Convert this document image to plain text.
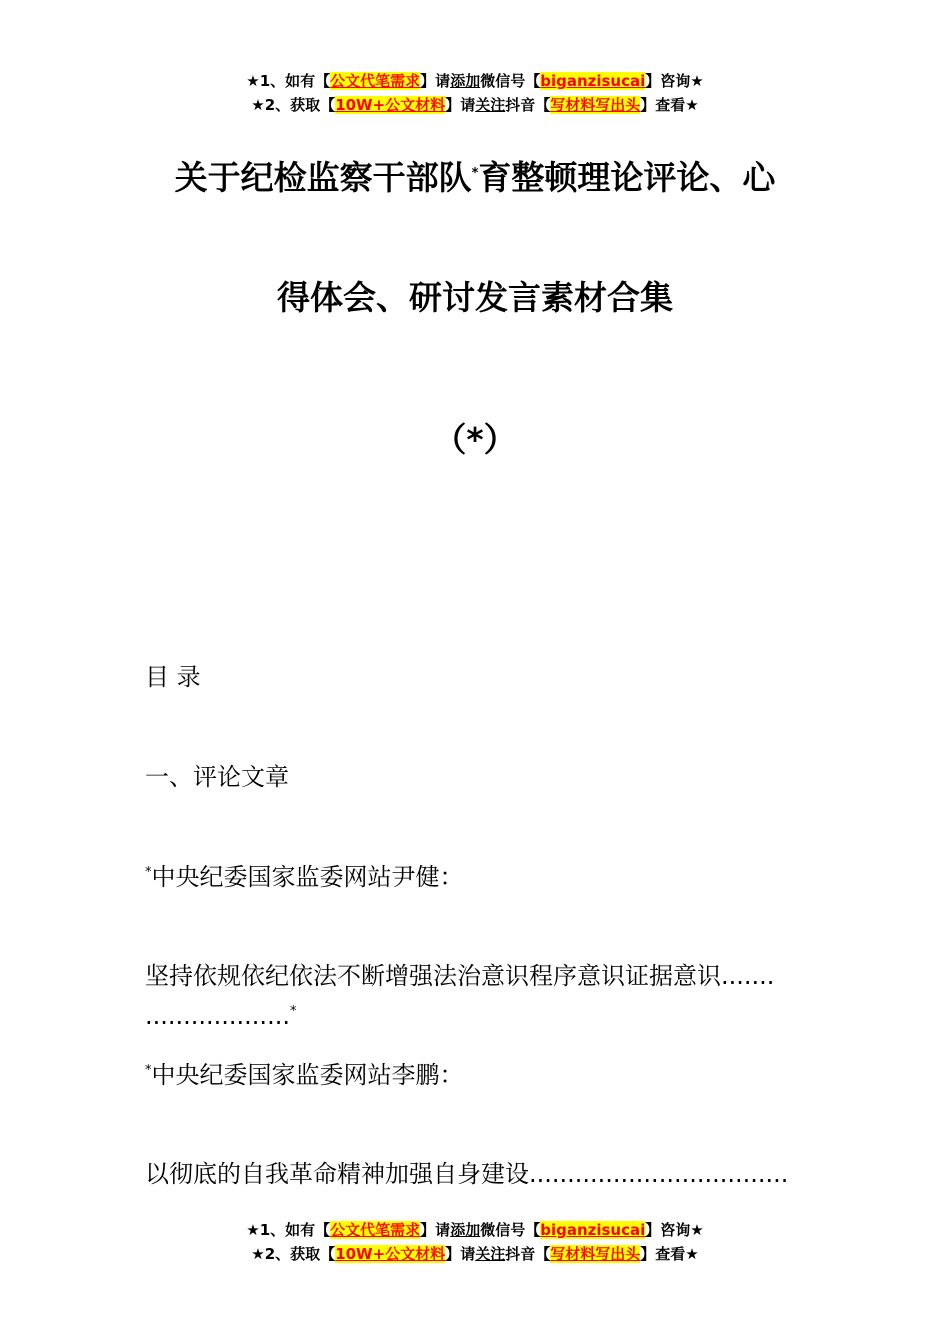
★1、如有【公文代笔需求】请添加微信号【biganzisucai】咨询★
★2、获取【10W+公文材料】请关注抖音【写材料写出头】查看★
关于纪检监察干部队*育整顿理论评论、心
得体会、研讨发言素材合集
（*）
目 录
一、评论文章
*中央纪委国家监委网站尹健：
坚持依规依纪依法不断增强法治意识程序意识证据意识.......
...................*
*中央纪委国家监委网站李鹏：
以彻底的自我革命精神加强自身建设..................................
★1、如有【公文代笔需求】请添加微信号【biganzisucai】咨询★
★2、获取【10W+公文材料】请关注抖音【写材料写出头】查看★
